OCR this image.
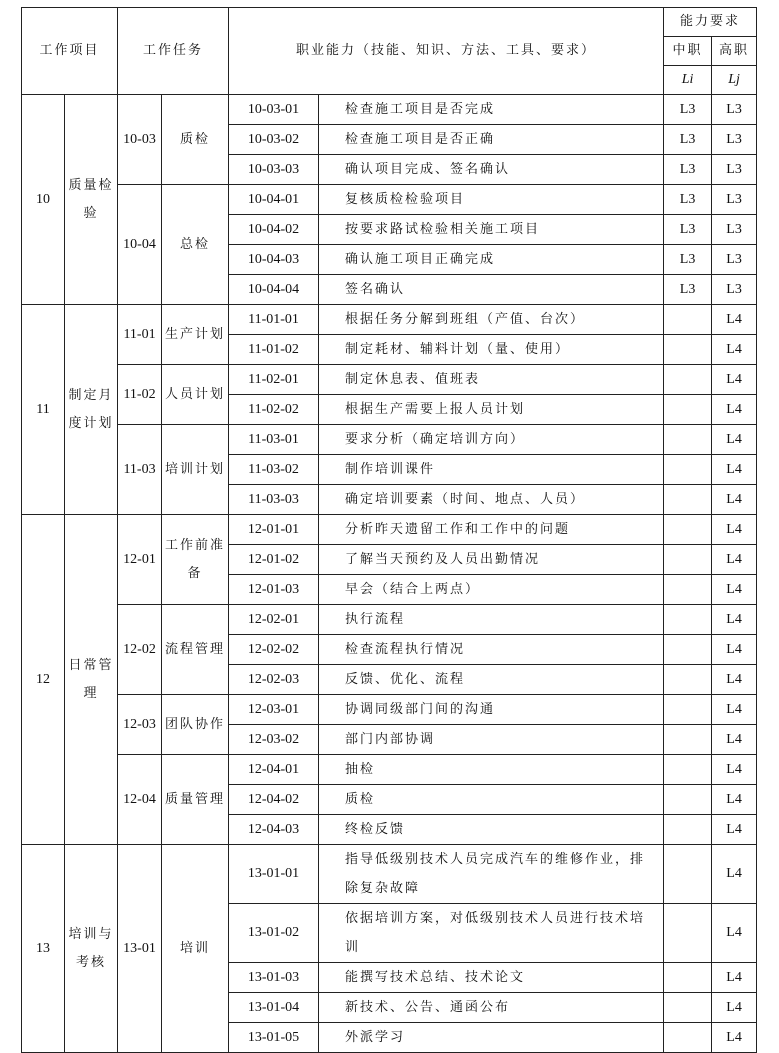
工作项目		工作任务		职业能力（技能、知识、方法、工具、要求）		能力要求	
						中职	高职
						Li	Lj
10	质量检验	10-03	质检	10-03-01	检查施工项目是否完成	L3	L3
				10-03-02	检查施工项目是否正确	L3	L3
				10-03-03	确认项目完成、签名确认	L3	L3
		10-04	总检	10-04-01	复核质检检验项目	L3	L3
				10-04-02	按要求路试检验相关施工项目	L3	L3
				10-04-03	确认施工项目正确完成	L3	L3
				10-04-04	签名确认	L3	L3
11	制定月度计划	11-01	生产计划	11-01-01	根据任务分解到班组（产值、台次）		L4
				11-01-02	制定耗材、辅料计划（量、使用）		L4
		11-02	人员计划	11-02-01	制定休息表、值班表		L4
				11-02-02	根据生产需要上报人员计划		L4
		11-03	培训计划	11-03-01	要求分析（确定培训方向）		L4
				11-03-02	制作培训课件		L4
				11-03-03	确定培训要素（时间、地点、人员）		L4
12	日常管理	12-01	工作前准备	12-01-01	分析昨天遗留工作和工作中的问题		L4
				12-01-02	了解当天预约及人员出勤情况		L4
				12-01-03	早会（结合上两点）		L4
		12-02	流程管理	12-02-01	执行流程		L4
				12-02-02	检查流程执行情况		L4
				12-02-03	反馈、优化、流程		L4
		12-03	团队协作	12-03-01	协调同级部门间的沟通		L4
				12-03-02	部门内部协调		L4
		12-04	质量管理	12-04-01	抽检		L4
				12-04-02	质检		L4
				12-04-03	终检反馈		L4
13	培训与考核	13-01	培训	13-01-01	指导低级别技术人员完成汽车的维修作业，排除复杂故障		L4
				13-01-02	依据培训方案，对低级别技术人员进行技术培训		L4
				13-01-03	能撰写技术总结、技术论文		L4
				13-01-04	新技术、公告、通函公布		L4
				13-01-05	外派学习		L4
